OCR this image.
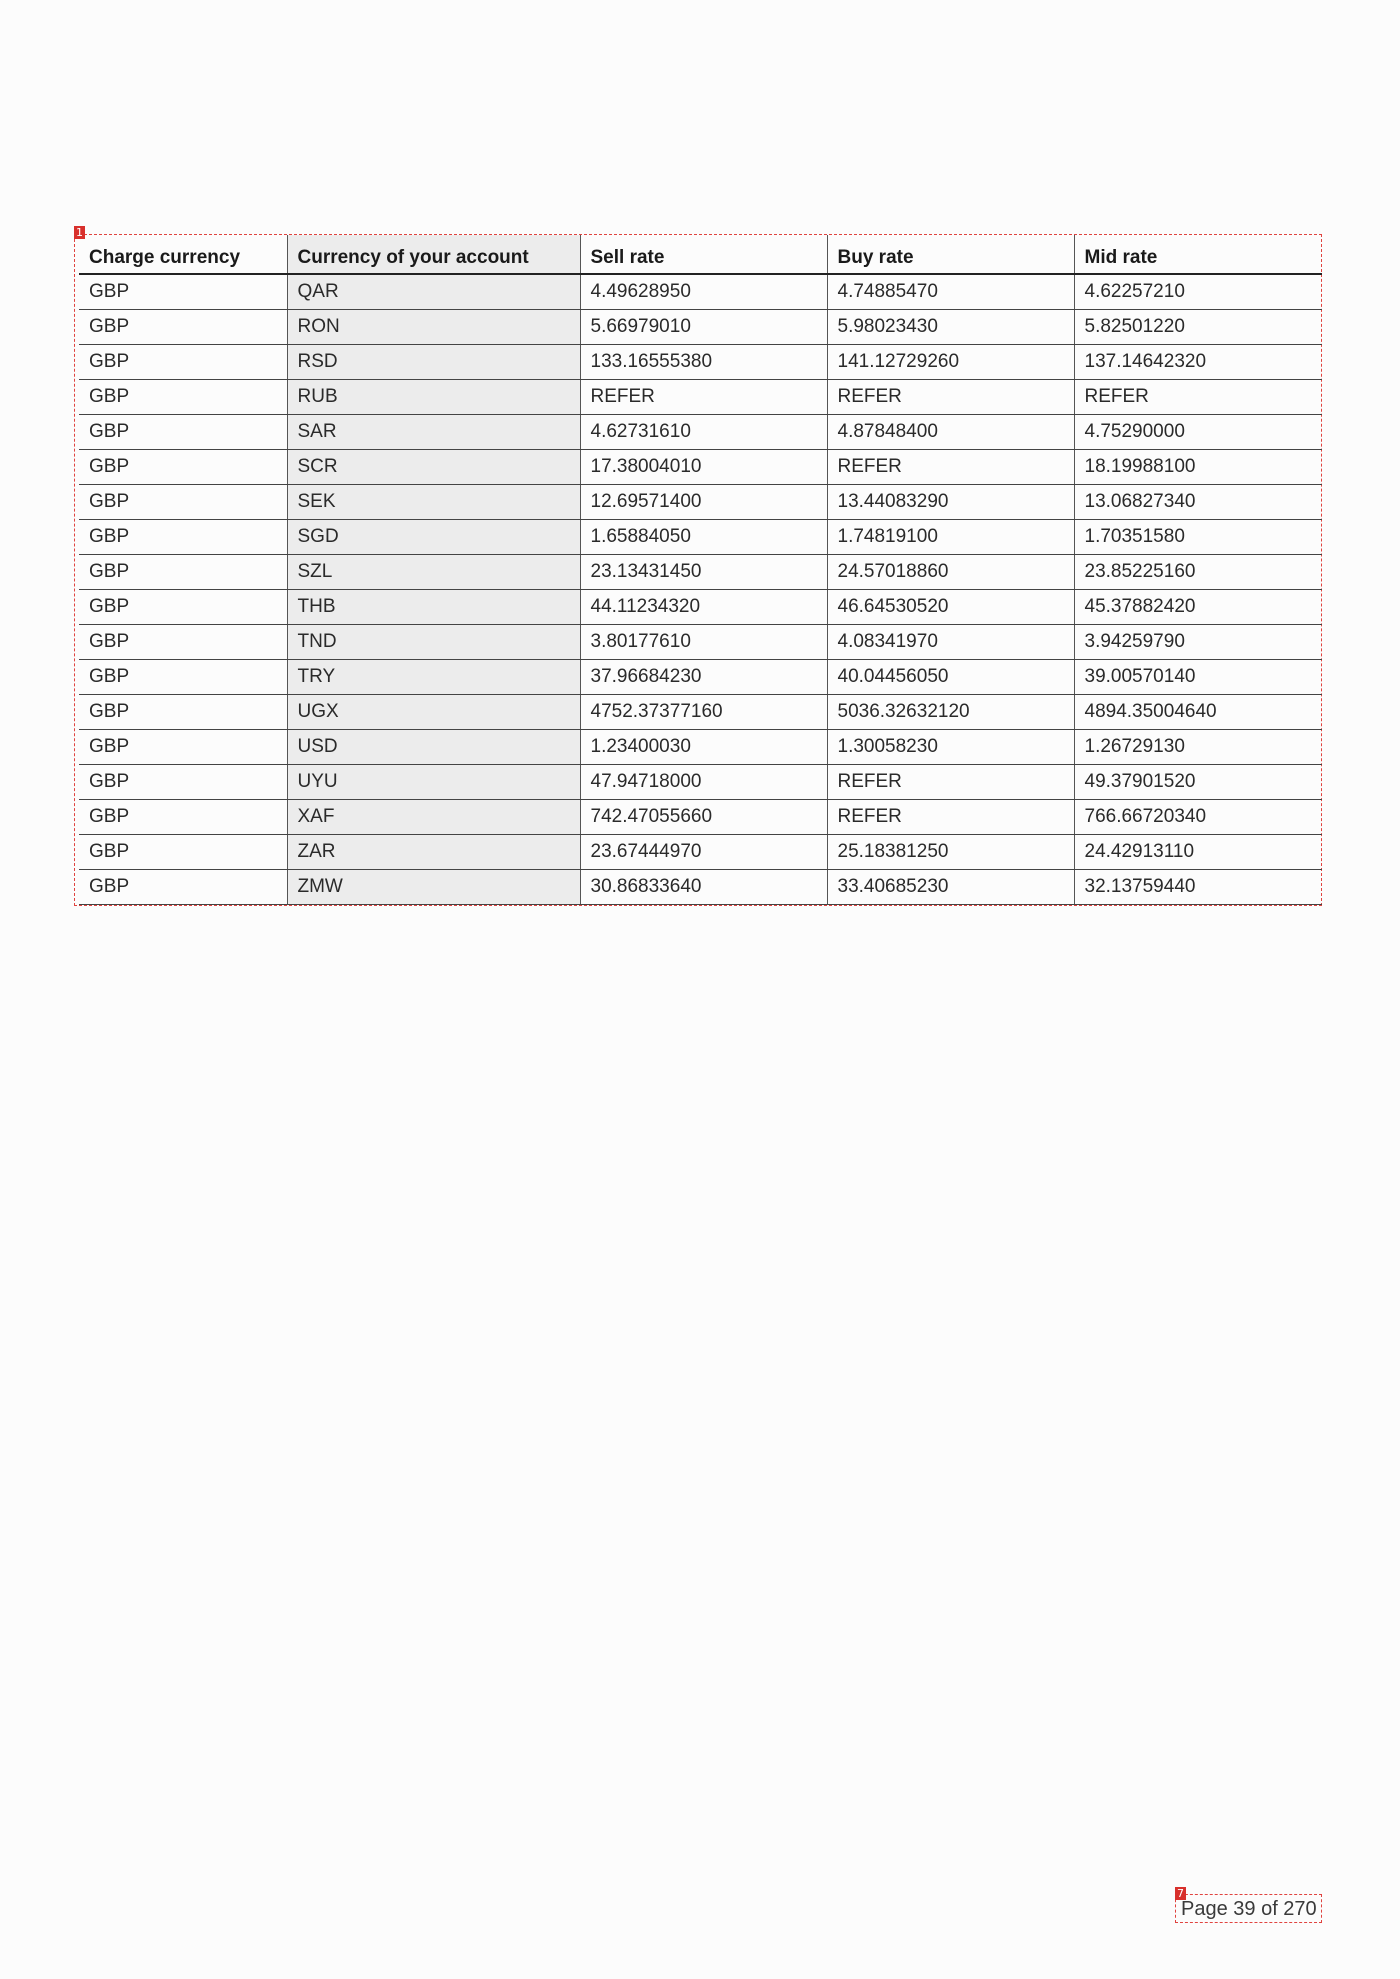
1
Charge currency	Currency of your account	Sell rate	Buy rate	Mid rate
GBP	QAR	4.49628950	4.74885470	4.62257210
GBP	RON	5.66979010	5.98023430	5.82501220
GBP	RSD	133.16555380	141.12729260	137.14642320
GBP	RUB	REFER	REFER	REFER
GBP	SAR	4.62731610	4.87848400	4.75290000
GBP	SCR	17.38004010	REFER	18.19988100
GBP	SEK	12.69571400	13.44083290	13.06827340
GBP	SGD	1.65884050	1.74819100	1.70351580
GBP	SZL	23.13431450	24.57018860	23.85225160
GBP	THB	44.11234320	46.64530520	45.37882420
GBP	TND	3.80177610	4.08341970	3.94259790
GBP	TRY	37.96684230	40.04456050	39.00570140
GBP	UGX	4752.37377160	5036.32632120	4894.35004640
GBP	USD	1.23400030	1.30058230	1.26729130
GBP	UYU	47.94718000	REFER	49.37901520
GBP	XAF	742.47055660	REFER	766.66720340
GBP	ZAR	23.67444970	25.18381250	24.42913110
GBP	ZMW	30.86833640	33.40685230	32.13759440
7
Page 39 of 270
